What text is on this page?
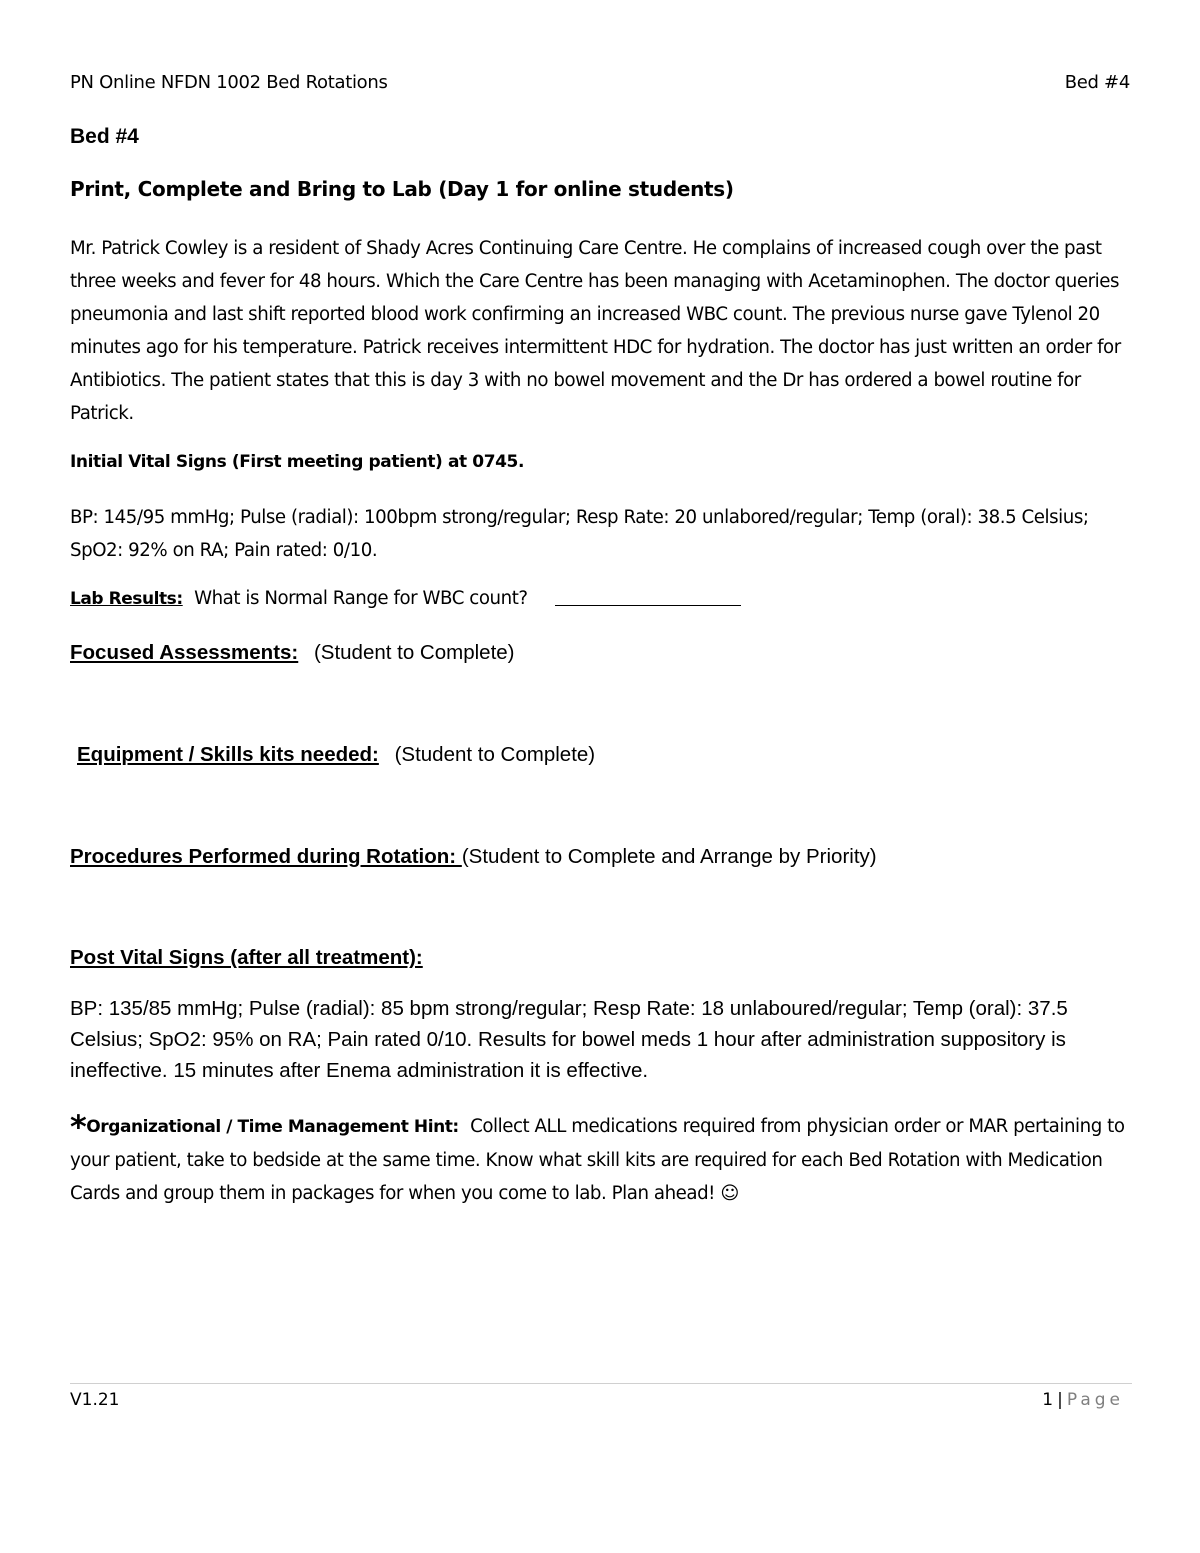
PN Online NFDN 1002 Bed Rotations	Bed #4
Bed #4
Print, Complete and Bring to Lab (Day 1 for online students)
Mr. Patrick Cowley is a resident of Shady Acres Continuing Care Centre. He complains of increased cough over the past three weeks and fever for 48 hours. Which the Care Centre has been managing with Acetaminophen. The doctor queries pneumonia and last shift reported blood work confirming an increased WBC count. The previous nurse gave Tylenol 20 minutes ago for his temperature. Patrick receives intermittent HDC for hydration. The doctor has just written an order for Antibiotics. The patient states that this is day 3 with no bowel movement and the Dr has ordered a bowel routine for Patrick.
Initial Vital Signs (First meeting patient) at 0745.
BP: 145/95 mmHg; Pulse (radial): 100bpm strong/regular; Resp Rate: 20 unlabored/regular; Temp (oral): 38.5 Celsius; SpO2: 92% on RA; Pain rated: 0/10.
Lab Results: What is Normal Range for WBC count?
Focused Assessments: (Student to Complete)
Equipment / Skills kits needed: (Student to Complete)
Procedures Performed during Rotation: (Student to Complete and Arrange by Priority)
Post Vital Signs (after all treatment):
BP: 135/85 mmHg; Pulse (radial): 85 bpm strong/regular; Resp Rate: 18 unlaboured/regular; Temp (oral): 37.5 Celsius; SpO2: 95% on RA; Pain rated 0/10. Results for bowel meds 1 hour after administration suppository is ineffective. 15 minutes after Enema administration it is effective.
*Organizational / Time Management Hint: Collect ALL medications required from physician order or MAR pertaining to your patient, take to bedside at the same time. Know what skill kits are required for each Bed Rotation with Medication Cards and group them in packages for when you come to lab. Plan ahead! ☺
V1.21	1 | Page
